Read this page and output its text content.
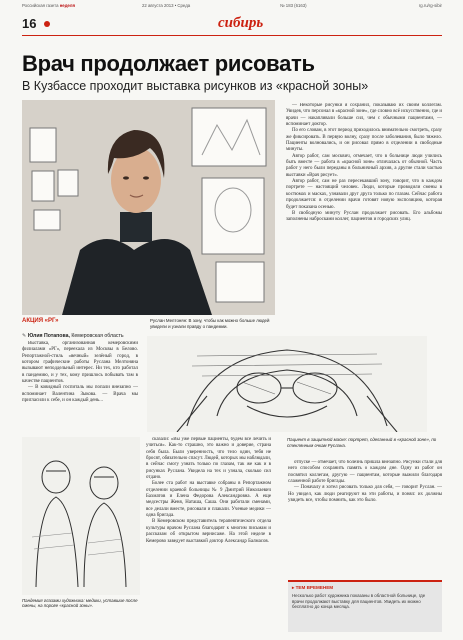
Российская газета неделя	22 августа 2013 • Среда	№ 183 (6163)	rg.ru/rg-sibir
16	сибирь
Врач продолжает рисовать
В Кузбассе проходит выставка рисунков из «красной зоны»
АКЦИЯ «РГ»	Руслан Мелтонян: В зону, чтобы как можно больше людей увидели и узнали правду о пандемии.
✎ Юлия Потапова, Кемеровская область

Выставка, организованная кемеровскими филиалами «РГ», переехала из Москвы в Белово. Репортажной-стиль «вечный» зелёный город, в котором графические работы Руслана Мелтоняна вызывают неподдельный интерес. Ни тех, кто работал в пандемию, и у тех, кому пришлось побывать там в качестве пациентов.

— В ковидный госпиталь мы попали внезапно — вспоминает Валентина Зыкова. — Врача мы пригласили к себе, и он каждый день...

— Некоторые рисунки я сохранил, показываю их своим коллегам. Увидев, что персонал в «красной зоне», где словно всё искусственно, где и врачи — накапливали больше сил, чем с обычными пациентами, — вспоминает доктор.

По его словам, в этот период приходилось внимательно смотреть, сразу же фиксировать. В первую волну, сразу после заболевания, было тяжело. Пациенты волновались, и он рисовал прямо в отделении в свободные минуты.

Автор работ, сам москвич, отмечает, что в больнице люди учились быть вместе — работа в «красной зоне» отличалась от обычной. Часть работ у него были переданы в больничный архив, а другие стали частью выставки «Врач рисует».

Автор работ, сам не раз пересекавший зону, говорит, что в каждом портрете — настоящий человек. Люди, которые проводили смены в костюмах и масках, узнавали друг друга только по глазам. Сейчас работа продолжается: в отделении врачи готовят новую экспозицию, которая будет показана осенью.

В свободную минуту Руслан продолжает рисовать. Его альбомы заполнены набросками коллег, пациентов и городских улиц.

Пациент в защитной маске: портрет, сделанный в «красной зоне», по стеклянным очкам Руслана.

отпуске — отмечает, что болезнь пришла внезапно. Рисунки стали для него способом сохранить память о каждом дне. Одну из работ он посвятил коллегам, другую — пациентам, которые выжили благодаря слаженной работе бригады.

— Поначалу я хотел рисовать только для себя, — говорит Руслан. — Но увидел, как люди реагируют на эти работы, и понял: их должны увидеть все, чтобы помнить, как это было.

Пандемия глазами художника: медики, уставшие после смены, на пороге «красной зоны».

сказали: «Вы уже первые пациенты, будем все лечить и учиться». Как-то страшно, это важно и доверие, страна себя была. Были уверенность, что тело один, тебя не бросят, обязательно спасут. Людей, которых мы наблюдали, в сейчас смогу узнать только по глазам, так же как и в рисунках Руслана. Увидела на тех и узнала, сколько сил отдано.

Более ста работ на выставке собраны в Репортажном отделении краевой больницы № 9 Дмитрий Николаевич Бахматов и Елена Федорова Александровна. А еще медсестры Женя, Наташа, Саша. Они работали сменами, все делали вместе, рисовали и плакали. Ученые медики — одна бригада.

В Кемеровском представитель терапевтического отдела культуры врачом Руслана благодарят к многим письмам и рассказам об открытом вернисаже. На этой неделе в Кемерово заведует выставкой доктор Александр Балмасов.

▸ ТЕМ ВРЕМЕНЕМ
Несколько работ художника показаны в областной больнице, где врачи продолжают выставку для пациентов. Увидеть их можно бесплатно до конца месяца.
